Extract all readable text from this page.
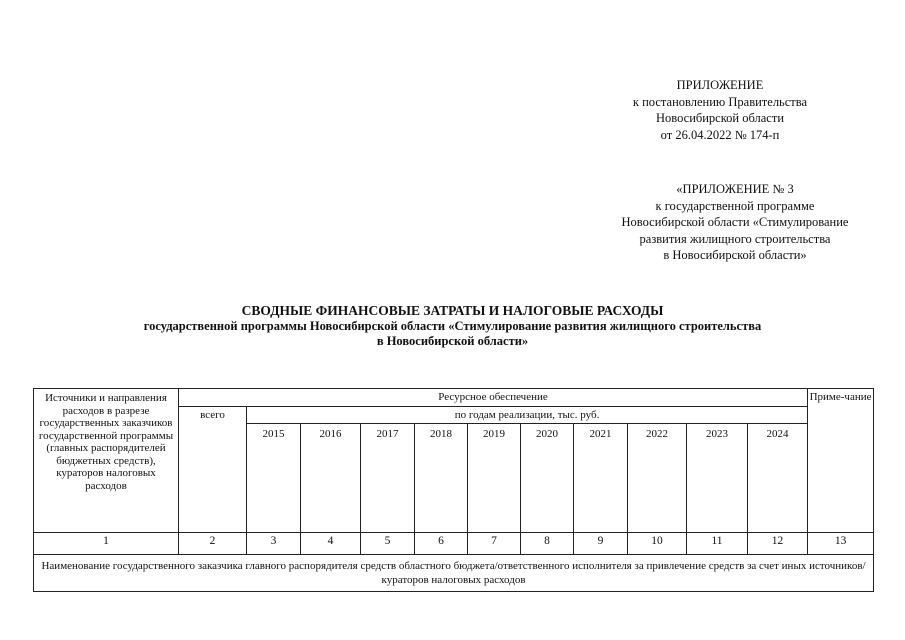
ПРИЛОЖЕНИЕ
к постановлению Правительства
Новосибирской области
от 26.04.2022 № 174-п
«ПРИЛОЖЕНИЕ № 3
к государственной программе
Новосибирской области «Стимулирование
развития жилищного строительства
в Новосибирской области»
СВОДНЫЕ ФИНАНСОВЫЕ ЗАТРАТЫ И НАЛОГОВЫЕ РАСХОДЫ
государственной программы Новосибирской области «Стимулирование развития жилищного строительства
в Новосибирской области»
Источники и направления расходов в разрезе государственных заказчиков государственной программы (главных распорядителей бюджетных средств), кураторов налоговых расходов	Ресурсное обеспечение											Приме-чание
	всего	по годам реализации, тыс. руб.										
		2015	2016	2017	2018	2019	2020	2021	2022	2023	2024	
1	2	3	4	5	6	7	8	9	10	11	12	13
Наименование государственного заказчика главного распорядителя средств областного бюджета/ответственного исполнителя за привлечение средств за счет иных источников/кураторов налоговых расходов												
